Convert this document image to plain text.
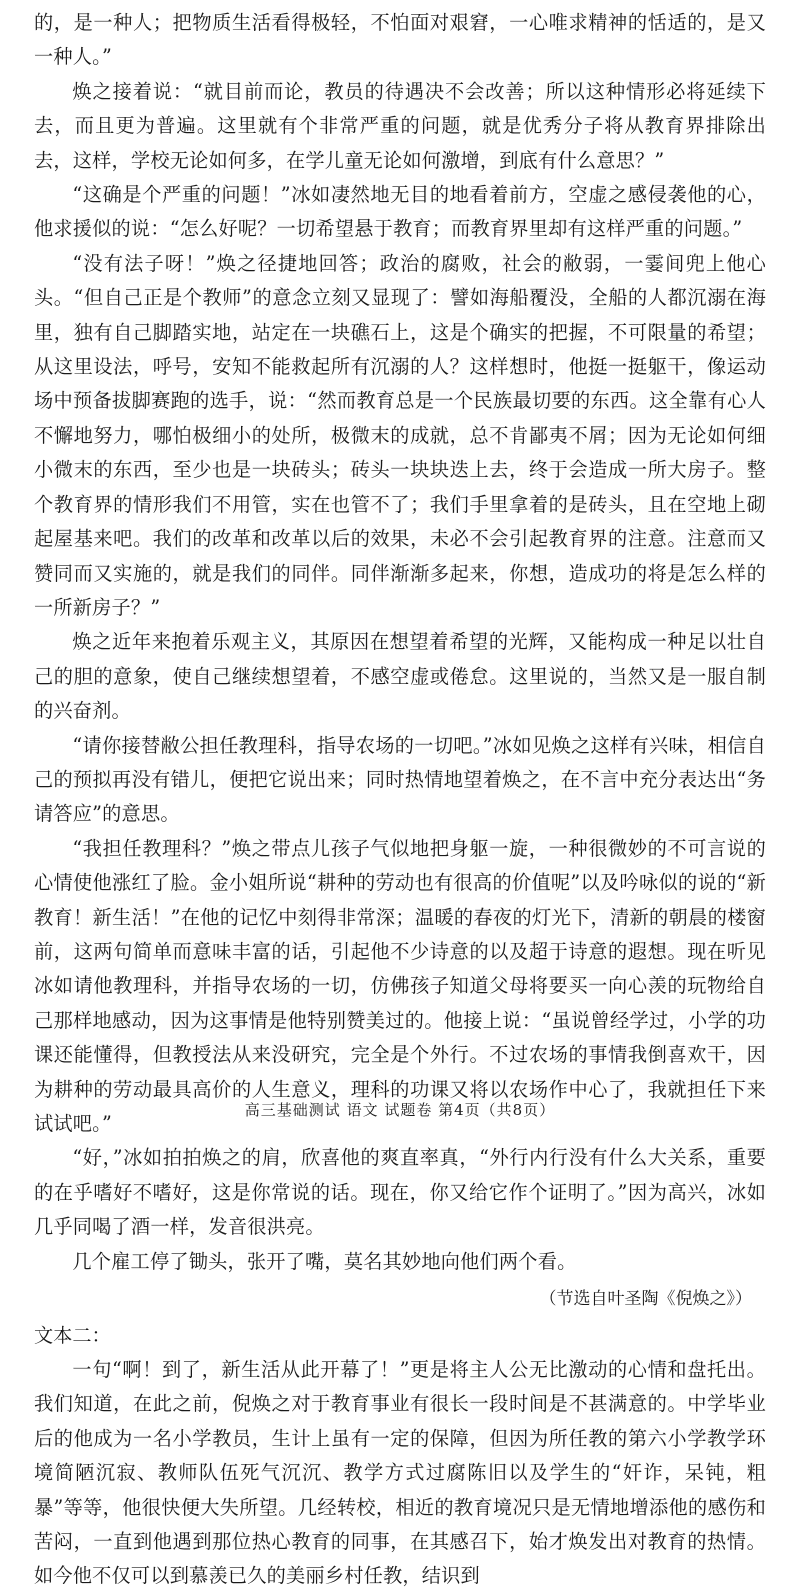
的，是一种人；把物质生活看得极轻，不怕面对艰窘，一心唯求精神的恬适的，是又一种人。”

焕之接着说：“就目前而论，教员的待遇决不会改善；所以这种情形必将延续下去，而且更为普遍。这里就有个非常严重的问题，就是优秀分子将从教育界排除出去，这样，学校无论如何多，在学儿童无论如何激增，到底有什么意思？”

“这确是个严重的问题！”冰如凄然地无目的地看着前方，空虚之感侵袭他的心，他求援似的说：“怎么好呢？一切希望悬于教育；而教育界里却有这样严重的问题。”

“没有法子呀！”焕之径捷地回答；政治的腐败，社会的敝弱，一霎间兜上他心头。“但自己正是个教师”的意念立刻又显现了：譬如海船覆没，全船的人都沉溺在海里，独有自己脚踏实地，站定在一块礁石上，这是个确实的把握，不可限量的希望；从这里设法，呼号，安知不能救起所有沉溺的人？这样想时，他挺一挺躯干，像运动场中预备拔脚赛跑的选手，说：“然而教育总是一个民族最切要的东西。这全靠有心人不懈地努力，哪怕极细小的处所，极微末的成就，总不肯鄙夷不屑；因为无论如何细小微末的东西，至少也是一块砖头；砖头一块块迭上去，终于会造成一所大房子。整个教育界的情形我们不用管，实在也管不了；我们手里拿着的是砖头，且在空地上砌起屋基来吧。我们的改革和改革以后的效果，未必不会引起教育界的注意。注意而又赞同而又实施的，就是我们的同伴。同伴渐渐多起来，你想，造成功的将是怎么样的一所新房子？”

焕之近年来抱着乐观主义，其原因在想望着希望的光辉，又能构成一种足以壮自己的胆的意象，使自己继续想望着，不感空虚或倦怠。这里说的，当然又是一服自制的兴奋剂。

“请你接替敝公担任教理科，指导农场的一切吧。”冰如见焕之这样有兴味，相信自己的预拟再没有错儿，便把它说出来；同时热情地望着焕之，在不言中充分表达出“务请答应”的意思。

“我担任教理科？”焕之带点儿孩子气似地把身躯一旋，一种很微妙的不可言说的心情使他涨红了脸。金小姐所说“耕种的劳动也有很高的价值呢”以及吟咏似的说的“新教育！新生活！”在他的记忆中刻得非常深；温暖的春夜的灯光下，清新的朝晨的楼窗前，这两句简单而意味丰富的话，引起他不少诗意的以及超于诗意的遐想。现在听见冰如请他教理科，并指导农场的一切，仿佛孩子知道父母将要买一向心羡的玩物给自己那样地感动，因为这事情是他特别赞美过的。他接上说：“虽说曾经学过，小学的功课还能懂得，但教授法从来没研究，完全是个外行。不过农场的事情我倒喜欢干，因为耕种的劳动最具高价的人生意义，理科的功课又将以农场作中心了，我就担任下来试试吧。”

“好，”冰如拍拍焕之的肩，欣喜他的爽直率真，“外行内行没有什么大关系，重要的在乎嗜好不嗜好，这是你常说的话。现在，你又给它作个证明了。”因为高兴，冰如几乎同喝了酒一样，发音很洪亮。

几个雇工停了锄头，张开了嘴，莫名其妙地向他们两个看。

（节选自叶圣陶《倪焕之》）
文本二：

一句“啊！到了，新生活从此开幕了！”更是将主人公无比激动的心情和盘托出。我们知道，在此之前，倪焕之对于教育事业有很长一段时间是不甚满意的。中学毕业后的他成为一名小学教员，生计上虽有一定的保障，但因为所任教的第六小学教学环境简陋沉寂、教师队伍死气沉沉、教学方式过腐陈旧以及学生的“奸诈，呆钝，粗暴”等等，他很快便大失所望。几经转校，相近的教育境况只是无情地增添他的感伤和苦闷，一直到他遇到那位热心教育的同事，在其感召下，始才焕发出对教育的热情。如今他不仅可以到慕羡已久的美丽乡村任教，结识到

高三基础测试 语文 试题卷 第4页（共8页）
